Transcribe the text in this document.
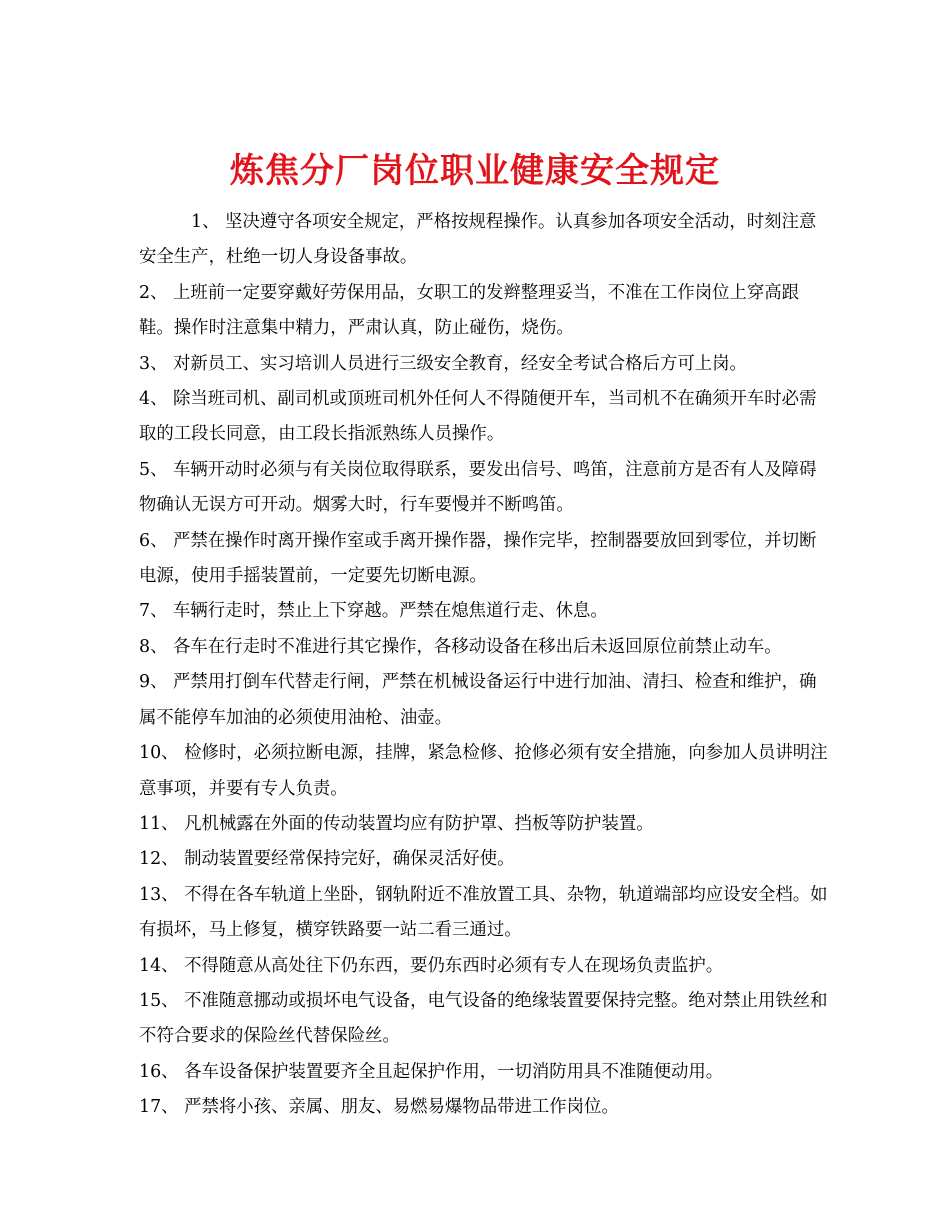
炼焦分厂岗位职业健康安全规定

1、 坚决遵守各项安全规定，严格按规程操作。认真参加各项安全活动，时刻注意安全生产，杜绝一切人身设备事故。

2、 上班前一定要穿戴好劳保用品，女职工的发辫整理妥当，不准在工作岗位上穿高跟鞋。操作时注意集中精力，严肃认真，防止碰伤，烧伤。

3、 对新员工、实习培训人员进行三级安全教育，经安全考试合格后方可上岗。

4、 除当班司机、副司机或顶班司机外任何人不得随便开车，当司机不在确须开车时必需取的工段长同意，由工段长指派熟练人员操作。

5、 车辆开动时必须与有关岗位取得联系，要发出信号、鸣笛，注意前方是否有人及障碍物确认无误方可开动。烟雾大时，行车要慢并不断鸣笛。

6、 严禁在操作时离开操作室或手离开操作器，操作完毕，控制器要放回到零位，并切断电源，使用手摇装置前，一定要先切断电源。

7、 车辆行走时，禁止上下穿越。严禁在熄焦道行走、休息。

8、 各车在行走时不准进行其它操作，各移动设备在移出后未返回原位前禁止动车。

9、 严禁用打倒车代替走行闸，严禁在机械设备运行中进行加油、清扫、检查和维护，确属不能停车加油的必须使用油枪、油壶。

10、 检修时，必须拉断电源，挂牌，紧急检修、抢修必须有安全措施，向参加人员讲明注意事项，并要有专人负责。

11、 凡机械露在外面的传动装置均应有防护罩、挡板等防护装置。

12、 制动装置要经常保持完好，确保灵活好使。

13、 不得在各车轨道上坐卧，钢轨附近不准放置工具、杂物，轨道端部均应设安全档。如有损坏，马上修复，横穿铁路要一站二看三通过。

14、 不得随意从高处往下仍东西，要仍东西时必须有专人在现场负责监护。

15、 不准随意挪动或损坏电气设备，电气设备的绝缘装置要保持完整。绝对禁止用铁丝和不符合要求的保险丝代替保险丝。

16、 各车设备保护装置要齐全且起保护作用，一切消防用具不准随便动用。

17、 严禁将小孩、亲属、朋友、易燃易爆物品带进工作岗位。
